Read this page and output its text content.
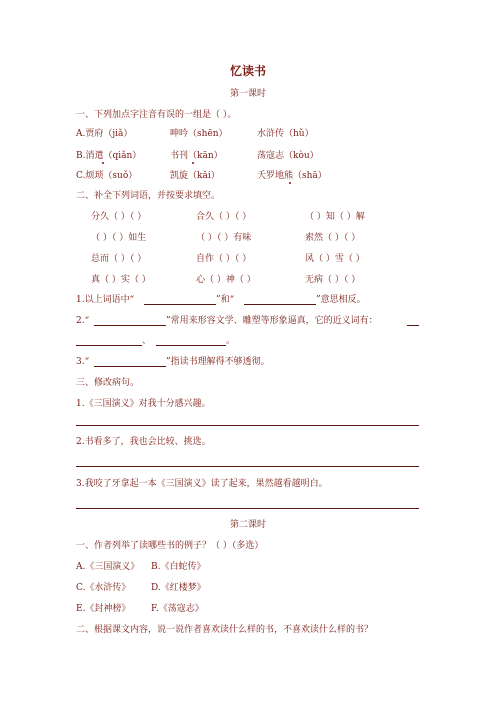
忆读书
第一课时
一、下列加点字注音有误的一组是（ ）。
A.贾府（jiǎ）	呻吟（shēn）	水浒传（hǔ）
B.消遣（qiǎn）	书刊（kān）	荡寇志（kòu）
C.烦琐（suǒ）	凯旋（kǎi）	夭罗地熊（shā）
二、补全下列词语，并按要求填空。
分久（ ）（ ）	合久（ ）（ ）	（ ）知（ ）解
（ ）（ ）如生	（ ）（ ）有味	索然（ ）（ ）
总而（ ）（ ）	自作（ ）（ ）	风（ ）雪（ ）
真（ ）实（ ）	心（ ）神（ ）	无病（ ）（ ）
1.以上词语中“	”和“	”意思相反。
2.“	”常用来形容文学、雕塑等形象逼真，它的近义词有：
、	。
3.“	”指读书理解得不够透彻。
三、修改病句。
1.《三国演义》对我十分感兴趣。
2.书看多了，我也会比较、挑选。
3.我咬了牙拿起一本《三国演义》读了起来，果然越看越明白。
第二课时
一、作者列举了读哪些书的例子？（ ）（多选）
A.《三国演义》 B.《白蛇传》
C.《水浒传》 D.《红楼梦》
E.《封神榜》 F.《荡寇志》
二、根据课文内容，说一说作者喜欢读什么样的书，不喜欢读什么样的书？
